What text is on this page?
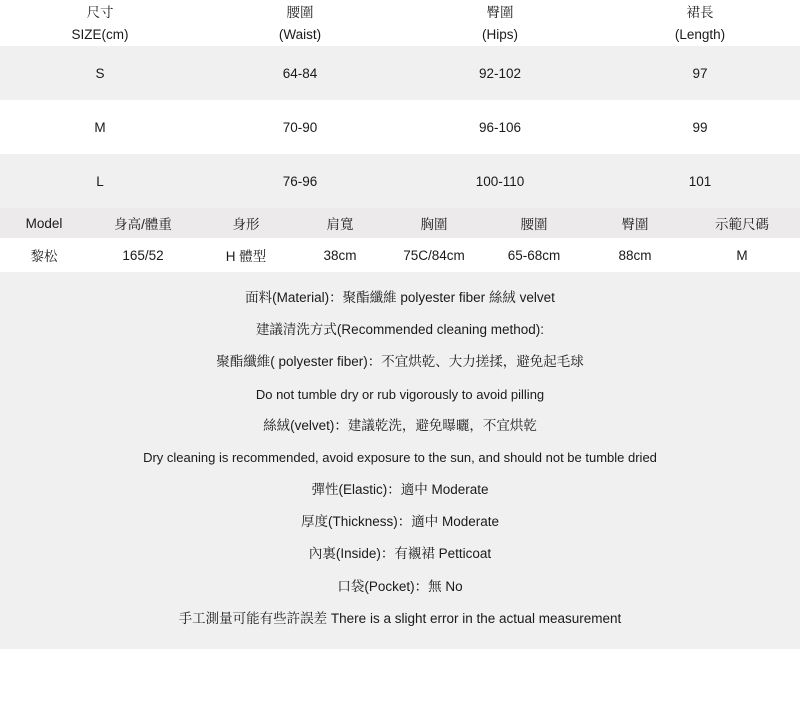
尺寸	腰圍	臀圍	裙長
SIZE(cm)	(Waist)	(Hips)	(Length)
S	64-84	92-102	97
M	70-90	96-106	99
L	76-96	100-110	101
Model	身高/體重	身形	肩寬	胸圍	腰圍	臀圍	示範尺碼
黎松	165/52	H 體型	38cm	75C/84cm	65-68cm	88cm	M
面料(Material)：聚酯纖維 polyester fiber 絲絨 velvet
建議清洗方式(Recommended cleaning method):
聚酯纖維( polyester fiber)：不宜烘乾、大力搓揉，避免起毛球
Do not tumble dry or rub vigorously to avoid pilling
絲絨(velvet)：建議乾洗，避免曝曬，不宜烘乾
Dry cleaning is recommended, avoid exposure to the sun, and should not be tumble dried
彈性(Elastic)：適中 Moderate
厚度(Thickness)：適中 Moderate
內裏(Inside)：有襯裙 Petticoat
口袋(Pocket)：無 No
手工測量可能有些許誤差 There is a slight error in the actual measurement
